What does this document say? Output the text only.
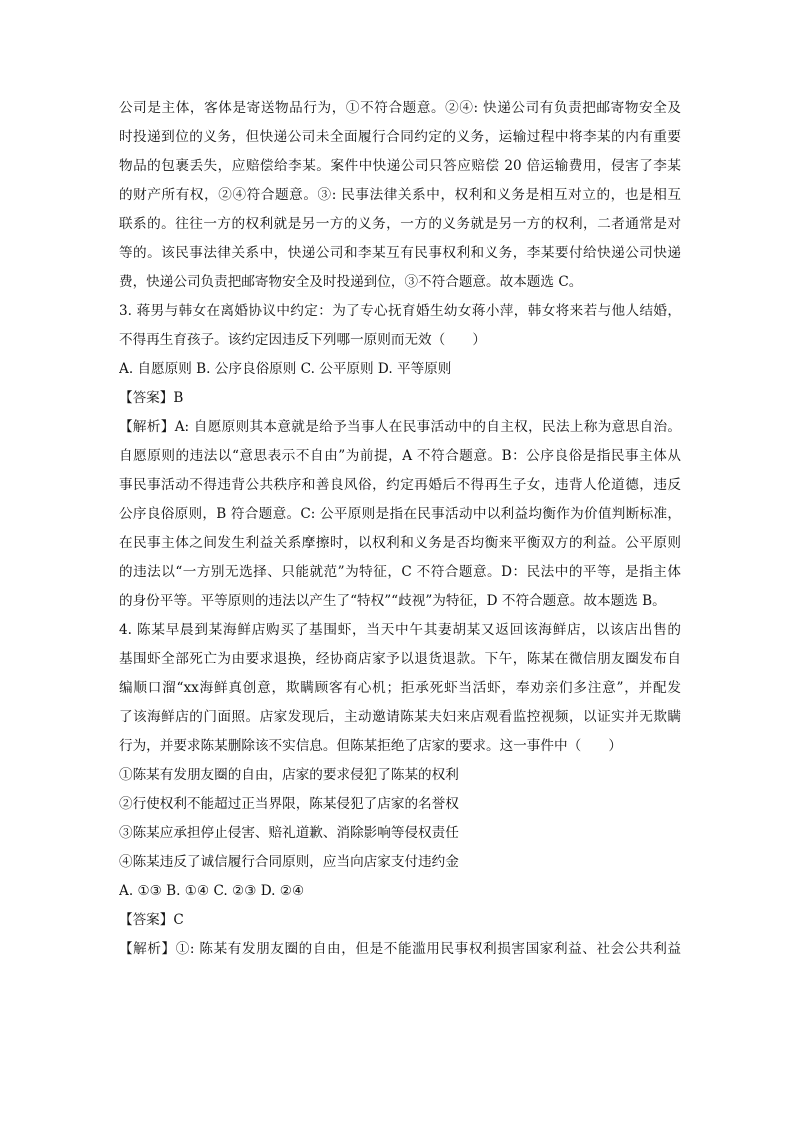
公司是主体，客体是寄送物品行为，①不符合题意。②④: 快递公司有负责把邮寄物安全及

时投递到位的义务，但快递公司未全面履行合同约定的义务，运输过程中将李某的内有重要

物品的包裹丢失，应赔偿给李某。案件中快递公司只答应赔偿 20 倍运输费用，侵害了李某

的财产所有权，②④符合题意。③: 民事法律关系中，权利和义务是相互对立的，也是相互

联系的。往往一方的权利就是另一方的义务，一方的义务就是另一方的权利，二者通常是对

等的。该民事法律关系中，快递公司和李某互有民事权利和义务，李某要付给快递公司快递

费，快递公司负责把邮寄物安全及时投递到位，③不符合题意。故本题选 C。

3. 蒋男与韩女在离婚协议中约定：为了专心抚育婚生幼女蒋小萍，韩女将来若与他人结婚，

不得再生育孩子。该约定因违反下列哪一原则而无效（　　）

A. 自愿原则 B. 公序良俗原则 C. 公平原则 D. 平等原则

【答案】B

【解析】A: 自愿原则其本意就是给予当事人在民事活动中的自主权，民法上称为意思自治。

自愿原则的违法以“意思表示不自由”为前提，A 不符合题意。B：公序良俗是指民事主体从

事民事活动不得违背公共秩序和善良风俗，约定再婚后不得再生子女，违背人伦道德，违反

公序良俗原则，B 符合题意。C: 公平原则是指在民事活动中以利益均衡作为价值判断标准，

在民事主体之间发生利益关系摩擦时，以权利和义务是否均衡来平衡双方的利益。公平原则

的违法以“一方别无选择、只能就范”为特征，C 不符合题意。D：民法中的平等，是指主体

的身份平等。平等原则的违法以产生了“特权”“歧视”为特征，D 不符合题意。故本题选 B。

4. 陈某早晨到某海鲜店购买了基围虾，当天中午其妻胡某又返回该海鲜店，以该店出售的

基围虾全部死亡为由要求退换，经协商店家予以退货退款。下午，陈某在微信朋友圈发布自

编顺口溜“xx海鲜真创意，欺瞒顾客有心机；拒承死虾当活虾，奉劝亲们多注意”，并配发

了该海鲜店的门面照。店家发现后，主动邀请陈某夫妇来店观看监控视频，以证实并无欺瞒

行为，并要求陈某删除该不实信息。但陈某拒绝了店家的要求。这一事件中（　　）

①陈某有发朋友圈的自由，店家的要求侵犯了陈某的权利

②行使权利不能超过正当界限，陈某侵犯了店家的名誉权

③陈某应承担停止侵害、赔礼道歉、消除影响等侵权责任

④陈某违反了诚信履行合同原则，应当向店家支付违约金

A. ①③ B. ①④ C. ②③ D. ②④

【答案】C

【解析】①: 陈某有发朋友圈的自由，但是不能滥用民事权利损害国家利益、社会公共利益
